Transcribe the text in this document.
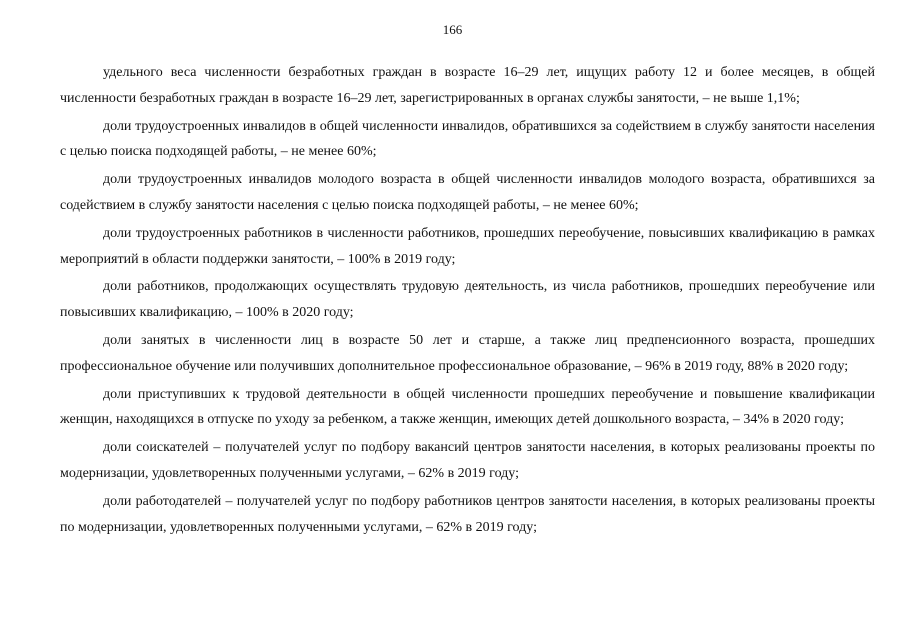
166

удельного веса численности безработных граждан в возрасте 16–29 лет, ищущих работу 12 и более месяцев, в общей численности безработных граждан в возрасте 16–29 лет, зарегистрированных в органах службы занятости, – не выше 1,1%;

доли трудоустроенных инвалидов в общей численности инвалидов, обратившихся за содействием в службу занятости населения с целью поиска подходящей работы, – не менее 60%;

доли трудоустроенных инвалидов молодого возраста в общей численности инвалидов молодого возраста, обратившихся за содействием в службу занятости населения с целью поиска подходящей работы, – не менее 60%;

доли трудоустроенных работников в численности работников, прошедших переобучение, повысивших квалификацию в рамках мероприятий в области поддержки занятости, – 100% в 2019 году;

доли работников, продолжающих осуществлять трудовую деятельность, из числа работников, прошедших переобучение или повысивших квалификацию, – 100% в 2020 году;

доли занятых в численности лиц в возрасте 50 лет и старше, а также лиц предпенсионного возраста, прошедших профессиональное обучение или получивших дополнительное профессиональное образование, – 96% в 2019 году, 88% в 2020 году;

доли приступивших к трудовой деятельности в общей численности прошедших переобучение и повышение квалификации женщин, находящихся в отпуске по уходу за ребенком, а также женщин, имеющих детей дошкольного возраста, – 34% в 2020 году;

доли соискателей – получателей услуг по подбору вакансий центров занятости населения, в которых реализованы проекты по модернизации, удовлетворенных полученными услугами, – 62% в 2019 году;

доли работодателей – получателей услуг по подбору работников центров занятости населения, в которых реализованы проекты по модернизации, удовлетворенных полученными услугами, – 62% в 2019 году;
